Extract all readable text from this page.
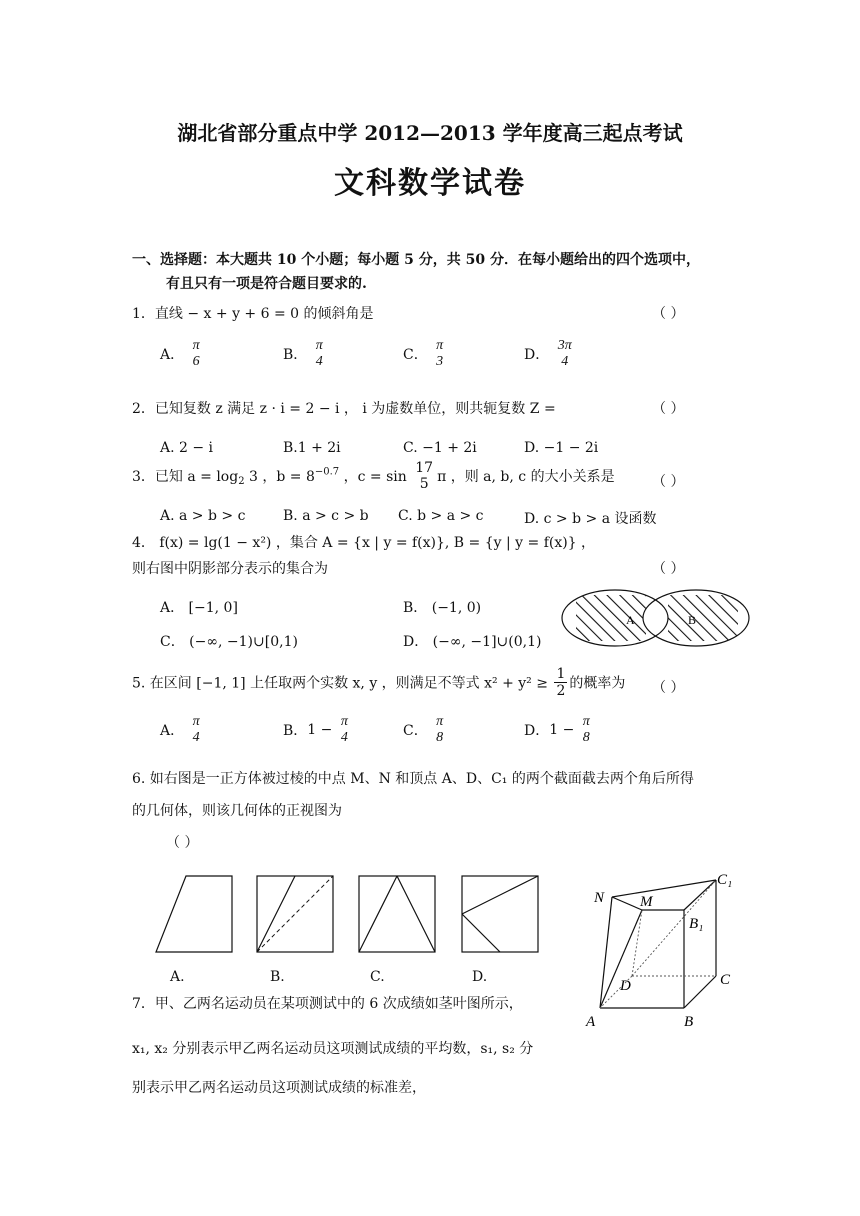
湖北省部分重点中学 2012—2013 学年度高三起点考试
文科数学试卷
一、选择题：本大题共 10 个小题；每小题 5 分，共 50 分．在每小题给出的四个选项中，
有且只有一项是符合题目要求的.
1．直线 − x + y + 6 = 0 的倾斜角是	（ ）
A．
π
6	B．
π
4	C．
π
3	D．
3π
4
2．已知复数 z 满足 z · i = 2 − i ， i 为虚数单位，则共轭复数 Z =	（ ）
A. 2 − i	B.1 + 2i	C. −1 + 2i	D. −1 − 2i
3．已知 $a = \log_2 3$ ，$b = 8^{-0.7}$ ，c = sin
17
5 π ，则 a, b, c 的大小关系是	（ ）
A. a > b > c	B. a > c > b C. b > a > c	D. c > b > a 设函数
4． f(x) = lg(1 − x²) ，集合 A = {x | y = f(x)}, B = {y | y = f(x)} ，
则右图中阴影部分表示的集合为	（ ）
A． [−1, 0]	B． (−1, 0)
C． (−∞, −1)∪[0,1)	D． (−∞, −1]∪(0,1)
A	B
5. 在区间 [−1, 1] 上任取两个实数 x, y ，则满足不等式 $x^2 + y^2 \ge \frac{1}{2}$ 的概率为 （ ）
A．
π
4	B．1 −
π
4	C．
π
8	D．1 −
π
8
6. 如右图是一正方体被过棱的中点 M、N 和顶点 A、D、C₁ 的两个截面截去两个角后所得
的几何体，则该几何体的正视图为
（ ）
A.	B.	C.	D.
N M
C₁
B₁
D	C
A	B
7．甲、乙两名运动员在某项测试中的 6 次成绩如茎叶图所示，
x₁, x₂ 分别表示甲乙两名运动员这项测试成绩的平均数，s₁, s₂ 分
别表示甲乙两名运动员这项测试成绩的标准差，
